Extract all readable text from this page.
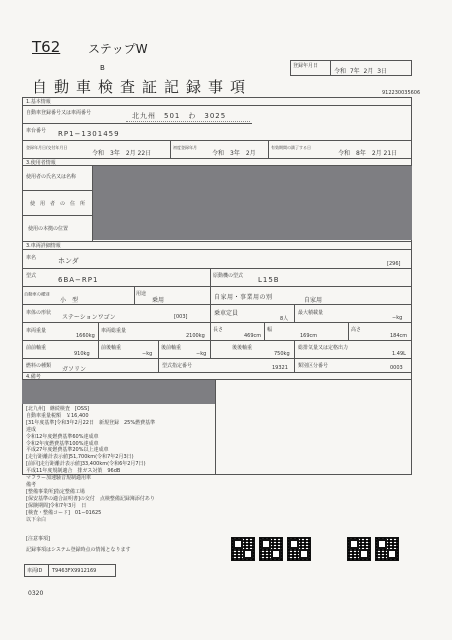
T62 ステップW
B	登録年月日
令和 7年 2月 3日
自動車検査証記録事項	912230035606
1.基本情報
自動車登録番号又は車両番号	北九州　501　わ　3025
車台番号 RP1−1301459
登録年月日/交付年月日
令和　3年　2月 22日
初度登録年月
令和　3年　2月
有効期間の満了する日
令和　8年　2月 21日
3.使用者情報
使用者の氏名又は名称
使　用　者　の　住　所
使用の本拠の位置
3.車両詳細情報
車名	ホンダ	[296]
型式	6BA−RP1	原動機の型式 L15B
自動車の種別
小　型
用途
乗用	自家用・事業用の別	自家用
車体の形状
ステーションワゴン	[003]	乗車定員
8人
最大積載量
−kg
車両重量
1660kg
車両総重量
2100kg
長さ
469cm
幅
169cm
高さ
184cm
前前軸重
910kg
前後軸重
−kg
後前軸重
−kg
後後軸重
750kg
総排気量又は定格出力
1.49L
燃料の種類 ガソリン	型式指定番号	19321 類別区分番号	0003
4.備考
[北九州]　継続検査　[OSS]
自動車重量税額　￥16,400
[31年度基準]令和3年2月22日　新規登録　25%燃費基準
達成
令和12年度燃費基準60%達成車
令和2年度燃費基準100%達成車
平成27年度燃費基準20%以上達成車
[走行距離計表示値]51,700km(令和7年2月3日)
[前回]走行距離計表示値]33,400km(令和6年2月7日)
平成11年度規制適合　排ガス対策　96dB
マフラー加速騒音規制適用車
備考
[整備事業所]指定整備工場
[保安基準の適合証明書]の交付　点検整備記録簿添付あり
[保険期間]令和7年3月　日
[検査・整備コード]　01−01625
以下余白
[注意事項]
記録事項はシステム登録時点の情報となります
車両ID T9463FX9912169
0320
